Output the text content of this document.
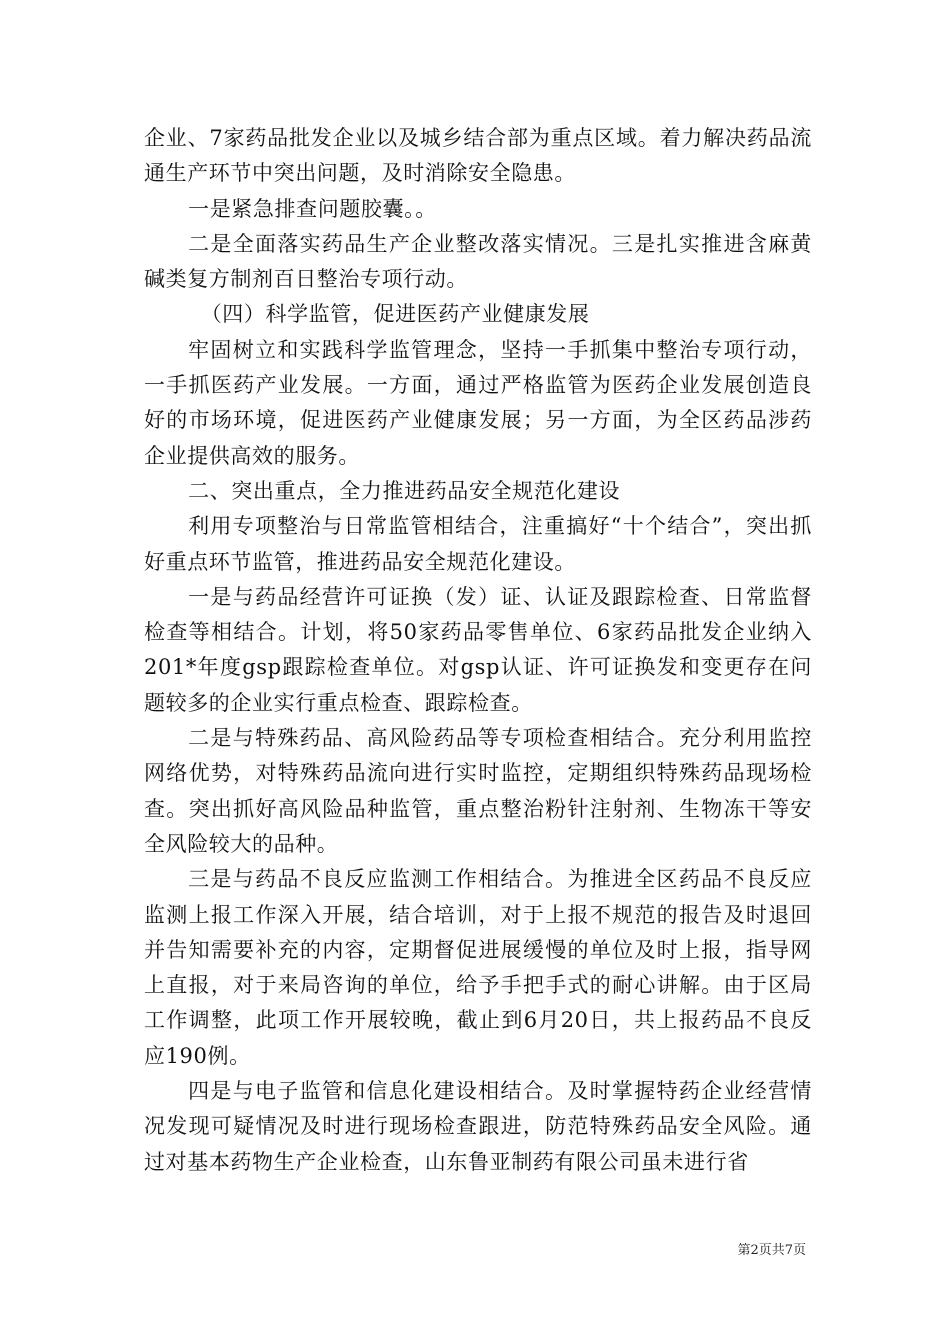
企业、7家药品批发企业以及城乡结合部为重点区域。着力解决药品流通生产环节中突出问题，及时消除安全隐患。

一是紧急排查问题胶囊。。

二是全面落实药品生产企业整改落实情况。三是扎实推进含麻黄碱类复方制剂百日整治专项行动。

（四）科学监管，促进医药产业健康发展

牢固树立和实践科学监管理念，坚持一手抓集中整治专项行动，一手抓医药产业发展。一方面，通过严格监管为医药企业发展创造良好的市场环境，促进医药产业健康发展；另一方面，为全区药品涉药企业提供高效的服务。

二、突出重点，全力推进药品安全规范化建设

利用专项整治与日常监管相结合，注重搞好“十个结合”，突出抓好重点环节监管，推进药品安全规范化建设。

一是与药品经营许可证换（发）证、认证及跟踪检查、日常监督检查等相结合。计划，将50家药品零售单位、6家药品批发企业纳入201*年度gsp跟踪检查单位。对gsp认证、许可证换发和变更存在问题较多的企业实行重点检查、跟踪检查。

二是与特殊药品、高风险药品等专项检查相结合。充分利用监控网络优势，对特殊药品流向进行实时监控，定期组织特殊药品现场检查。突出抓好高风险品种监管，重点整治粉针注射剂、生物冻干等安全风险较大的品种。

三是与药品不良反应监测工作相结合。为推进全区药品不良反应监测上报工作深入开展，结合培训，对于上报不规范的报告及时退回并告知需要补充的内容，定期督促进展缓慢的单位及时上报，指导网上直报，对于来局咨询的单位，给予手把手式的耐心讲解。由于区局工作调整，此项工作开展较晚，截止到6月20日，共上报药品不良反应190例。

四是与电子监管和信息化建设相结合。及时掌握特药企业经营情况发现可疑情况及时进行现场检查跟进，防范特殊药品安全风险。通过对基本药物生产企业检查，山东鲁亚制药有限公司虽未进行省

第2页共7页
